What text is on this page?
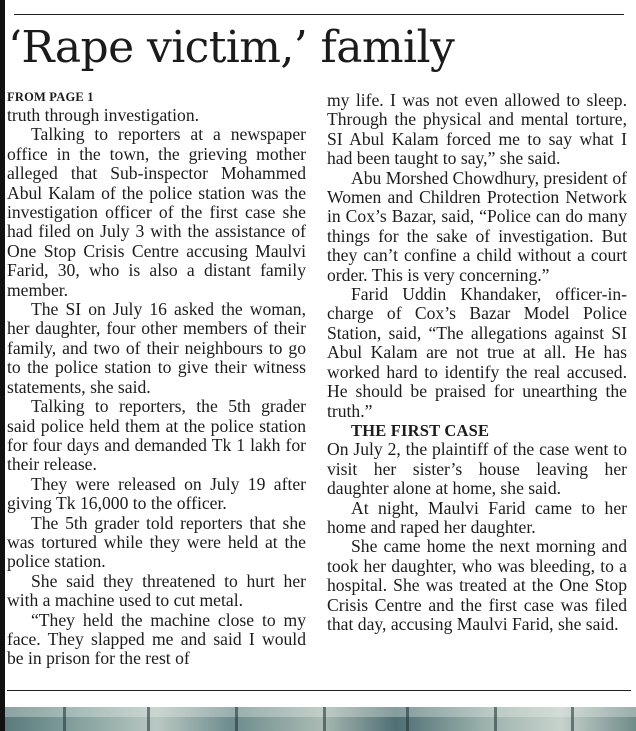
‘Rape victim,’ family
FROM PAGE 1

truth through investigation.

Talking to reporters at a newspaper office in the town, the grieving mother alleged that Sub-inspector Mohammed Abul Kalam of the police station was the investigation officer of the first case she had filed on July 3 with the assistance of One Stop Crisis Centre accusing Maulvi Farid, 30, who is also a distant family member.

The SI on July 16 asked the woman, her daughter, four other members of their family, and two of their neighbours to go to the police station to give their witness statements, she said.

Talking to reporters, the 5th grader said police held them at the police station for four days and demanded Tk 1 lakh for their release.

They were released on July 19 after giving Tk 16,000 to the officer.

The 5th grader told reporters that she was tortured while they were held at the police station.

She said they threatened to hurt her with a machine used to cut metal.

“They held the machine close to my face. They slapped me and said I would be in prison for the rest of

my life. I was not even allowed to sleep. Through the physical and mental torture, SI Abul Kalam forced me to say what I had been taught to say,” she said.

Abu Morshed Chowdhury, president of Women and Children Protection Network in Cox’s Bazar, said, “Police can do many things for the sake of investigation. But they can’t confine a child without a court order. This is very concerning.”

Farid Uddin Khandaker, officer-in-charge of Cox’s Bazar Model Police Station, said, “The allegations against SI Abul Kalam are not true at all. He has worked hard to identify the real accused. He should be praised for unearthing the truth.”

THE FIRST CASE

On July 2, the plaintiff of the case went to visit her sister’s house leaving her daughter alone at home, she said.

At night, Maulvi Farid came to her home and raped her daughter.

She came home the next morning and took her daughter, who was bleeding, to a hospital. She was treated at the One Stop Crisis Centre and the first case was filed that day, accusing Maulvi Farid, she said.
